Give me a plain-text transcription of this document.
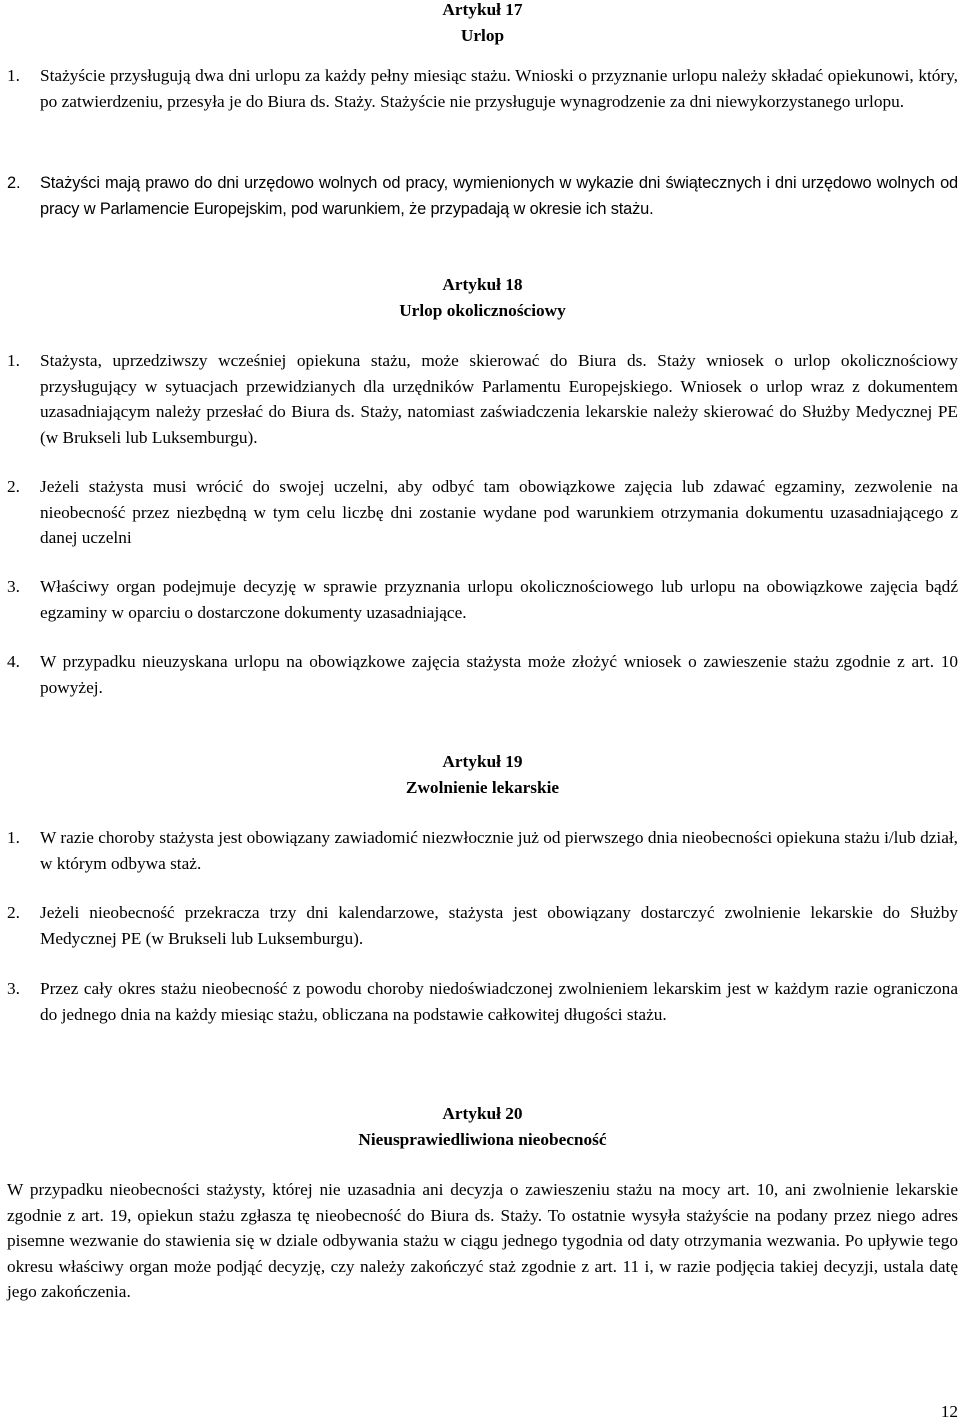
Artykuł 17

Urlop

1.	Stażyście przysługują dwa dni urlopu za każdy pełny miesiąc stażu. Wnioski o przyznanie urlopu należy składać opiekunowi, który, po zatwierdzeniu, przesyła je do Biura ds. Staży. Stażyście nie przysługuje wynagrodzenie za dni niewykorzystanego urlopu.
2.	Stażyści mają prawo do dni urzędowo wolnych od pracy, wymienionych w wykazie dni świątecznych i dni urzędowo wolnych od pracy w Parlamencie Europejskim, pod warunkiem, że przypadają w okresie ich stażu.

Artykuł 18

Urlop okolicznościowy

1.	Stażysta, uprzedziwszy wcześniej opiekuna stażu, może skierować do Biura ds. Staży wniosek o urlop okolicznościowy przysługujący w sytuacjach przewidzianych dla urzędników Parlamentu Europejskiego. Wniosek o urlop wraz z dokumentem uzasadniającym należy przesłać do Biura ds. Staży, natomiast zaświadczenia lekarskie należy skierować do Służby Medycznej PE (w Brukseli lub Luksemburgu).
2.	Jeżeli stażysta musi wrócić do swojej uczelni, aby odbyć tam obowiązkowe zajęcia lub zdawać egzaminy, zezwolenie na nieobecność przez niezbędną w tym celu liczbę dni zostanie wydane pod warunkiem otrzymania dokumentu uzasadniającego z danej uczelni
3.	Właściwy organ podejmuje decyzję w sprawie przyznania urlopu okolicznościowego lub urlopu na obowiązkowe zajęcia bądź egzaminy w oparciu o dostarczone dokumenty uzasadniające.
4.	W przypadku nieuzyskana urlopu na obowiązkowe zajęcia stażysta może złożyć wniosek o zawieszenie stażu zgodnie z art. 10 powyżej.

Artykuł 19

Zwolnienie lekarskie

1.	W razie choroby stażysta jest obowiązany zawiadomić niezwłocznie już od pierwszego dnia nieobecności opiekuna stażu i/lub dział, w którym odbywa staż.
2.	Jeżeli nieobecność przekracza trzy dni kalendarzowe, stażysta jest obowiązany dostarczyć zwolnienie lekarskie do Służby Medycznej PE (w Brukseli lub Luksemburgu).
3.	Przez cały okres stażu nieobecność z powodu choroby niedoświadczonej zwolnieniem lekarskim jest w każdym razie ograniczona do jednego dnia na każdy miesiąc stażu, obliczana na podstawie całkowitej długości stażu.

Artykuł 20

Nieusprawiedliwiona nieobecność

W przypadku nieobecności stażysty, której nie uzasadnia ani decyzja o zawieszeniu stażu na mocy art. 10, ani zwolnienie lekarskie zgodnie z art. 19, opiekun stażu zgłasza tę nieobecność do Biura ds. Staży. To ostatnie wysyła stażyście na podany przez niego adres pisemne wezwanie do stawienia się w dziale odbywania stażu w ciągu jednego tygodnia od daty otrzymania wezwania. Po upływie tego okresu właściwy organ może podjąć decyzję, czy należy zakończyć staż zgodnie z art. 11 i, w razie podjęcia takiej decyzji, ustala datę jego zakończenia.

12
